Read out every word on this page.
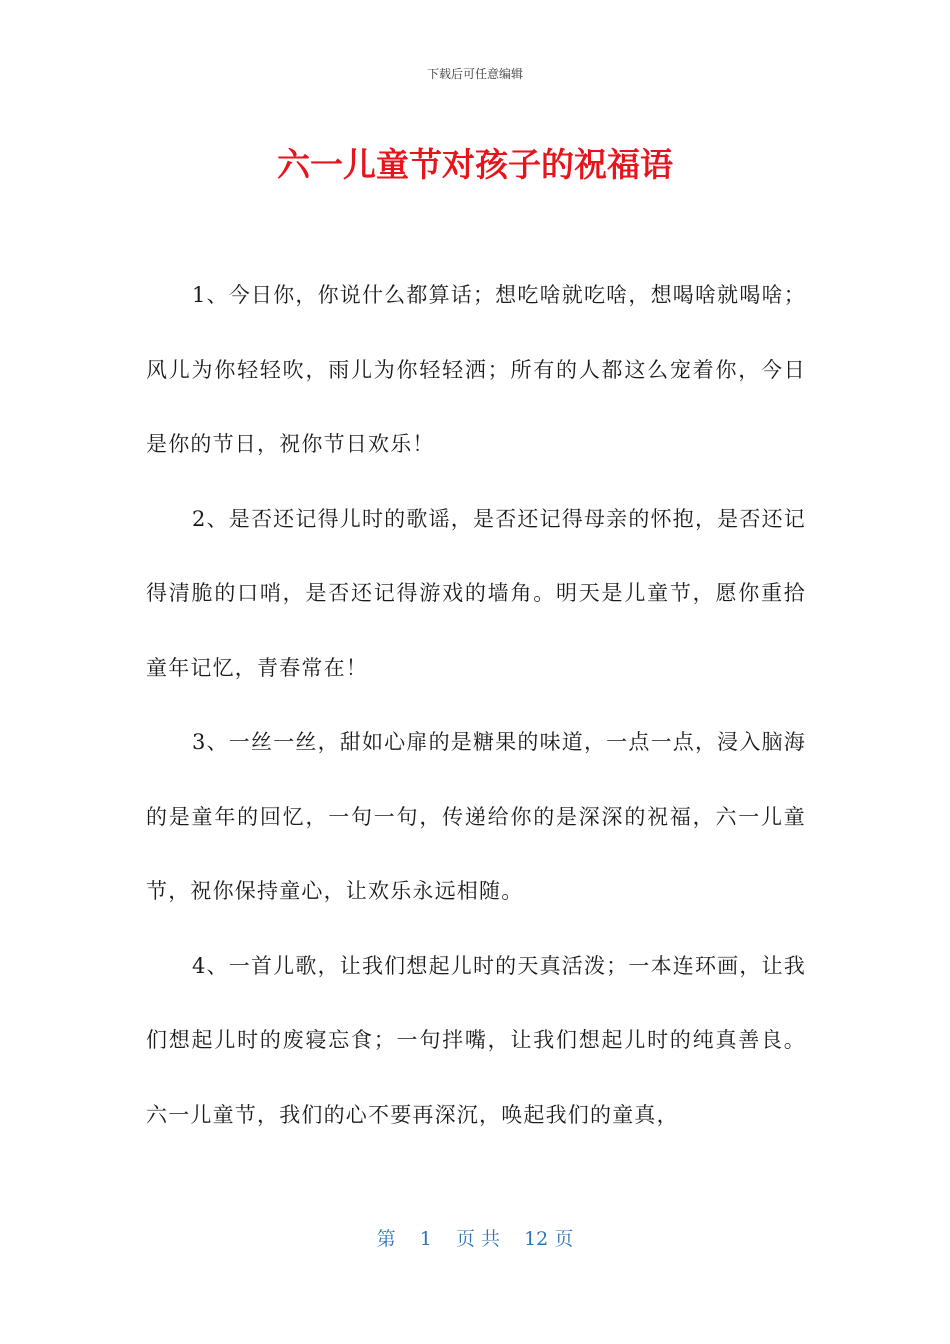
下载后可任意编辑
六一儿童节对孩子的祝福语

1、今日你，你说什么都算话；想吃啥就吃啥，想喝啥就喝啥；风儿为你轻轻吹，雨儿为你轻轻洒；所有的人都这么宠着你，今日是你的节日，祝你节日欢乐！

2、是否还记得儿时的歌谣，是否还记得母亲的怀抱，是否还记得清脆的口哨，是否还记得游戏的墙角。明天是儿童节，愿你重拾童年记忆，青春常在！

3、一丝一丝，甜如心扉的是糖果的味道，一点一点，浸入脑海的是童年的回忆，一句一句，传递给你的是深深的祝福，六一儿童节，祝你保持童心，让欢乐永远相随。

4、一首儿歌，让我们想起儿时的天真活泼；一本连环画，让我们想起儿时的废寝忘食；一句拌嘴，让我们想起儿时的纯真善良。六一儿童节，我们的心不要再深沉，唤起我们的童真，

第 1 页 共 12 页
